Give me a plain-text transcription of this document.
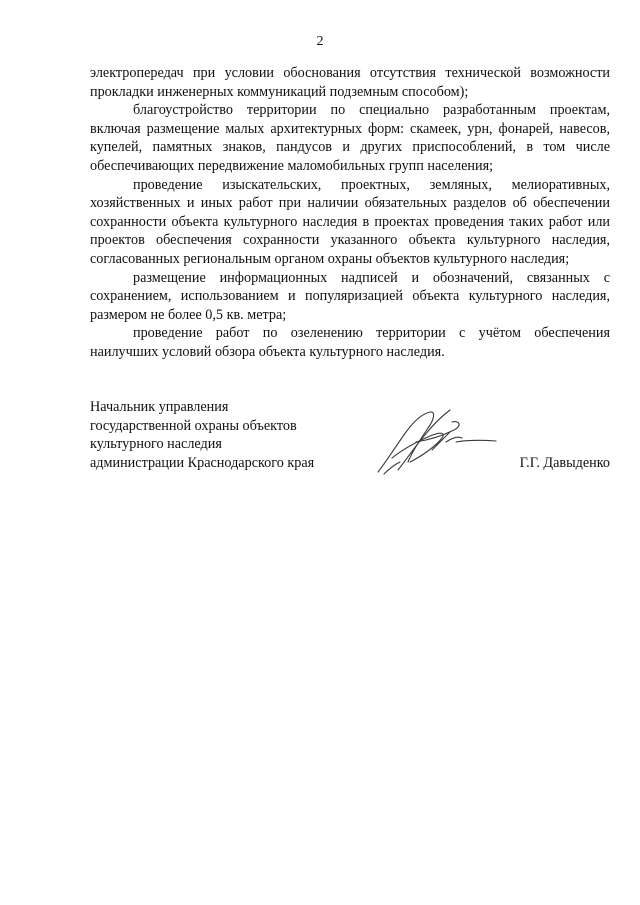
2

электропередач при условии обоснования отсутствия технической возможности прокладки инженерных коммуникаций подземным способом);

благоустройство территории по специально разработанным проектам, включая размещение малых архитектурных форм: скамеек, урн, фонарей, навесов, купелей, памятных знаков, пандусов и других приспособлений, в том числе обеспечивающих передвижение маломобильных групп населения;

проведение изыскательских, проектных, земляных, мелиоративных, хозяйственных и иных работ при наличии обязательных разделов об обеспечении сохранности объекта культурного наследия в проектах проведения таких работ или проектов обеспечения сохранности указанного объекта культурного наследия, согласованных региональным органом охраны объектов культурного наследия;

размещение информационных надписей и обозначений, связанных с сохранением, использованием и популяризацией объекта культурного наследия, размером не более 0,5 кв. метра;

проведение работ по озеленению территории с учётом обеспечения наилучших условий обзора объекта культурного наследия.

Начальник управления
государственной охраны объектов
культурного наследия
администрации Краснодарского края	Г.Г. Давыденко
